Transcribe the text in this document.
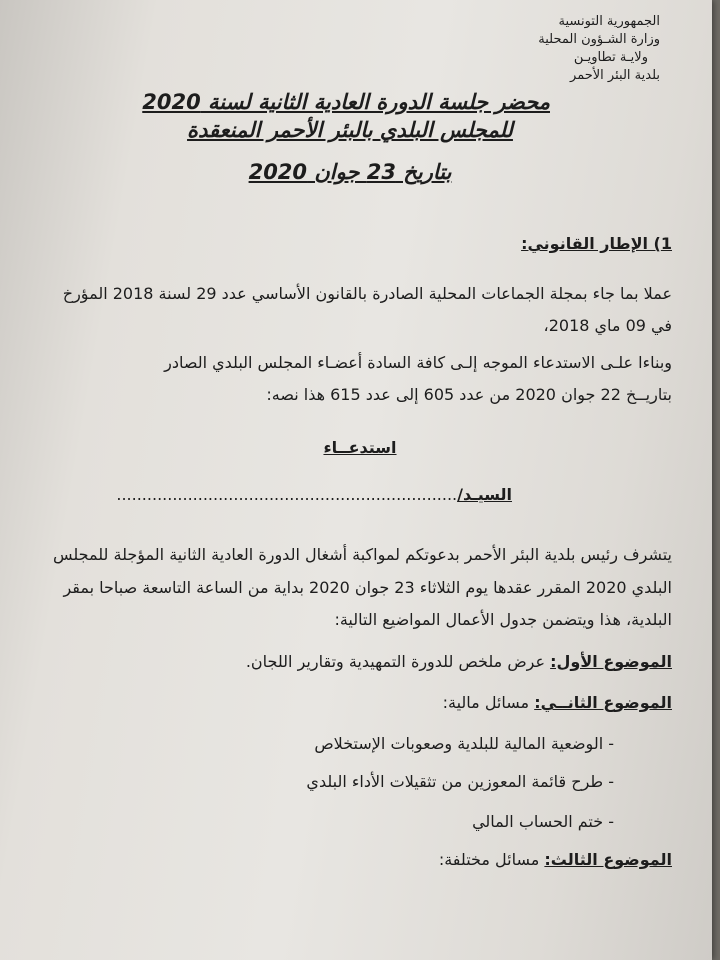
الجمهورية التونسية
وزارة الشـؤون المحلية
ولايـة تطاويـن
بلدية البئر الأحمر
محضر جلسة الدورة العادية الثانية لسنة 2020
للمجلس البلدي بالبئر الأحمر المنعقدة
بتاريخ 23 جوان 2020
1) الإطار القانوني:
عملا بما جاء بمجلة الجماعات المحلية الصادرة بالقانون الأساسي عدد 29 لسنة 2018 المؤرخ
في 09 ماي 2018،
وبناءا علـى الاستدعاء الموجه إلـى كافة السادة أعضـاء المجلس البلدي الصادر
بتاريــخ 22 جوان 2020 من عدد 605 إلى عدد 615 هذا نصه:
استدعــاء
السيـد/...................................................................
يتشرف رئيس بلدية البئر الأحمر بدعوتكم لمواكبة أشغال الدورة العادية الثانية المؤجلة للمجلس
البلدي 2020 المقرر عقدها يوم الثلاثاء 23 جوان 2020 بداية من الساعة التاسعة صباحا بمقر
البلدية، هذا ويتضمن جدول الأعمال المواضيع التالية:
الموضوع الأول: عرض ملخص للدورة التمهيدية وتقارير اللجان.
الموضوع الثانــي: مسائل مالية:
- الوضعية المالية للبلدية وصعوبات الإستخلاص
- طرح قائمة المعوزين من تثقيلات الأداء البلدي
- ختم الحساب المالي
الموضوع الثالث: مسائل مختلفة:
